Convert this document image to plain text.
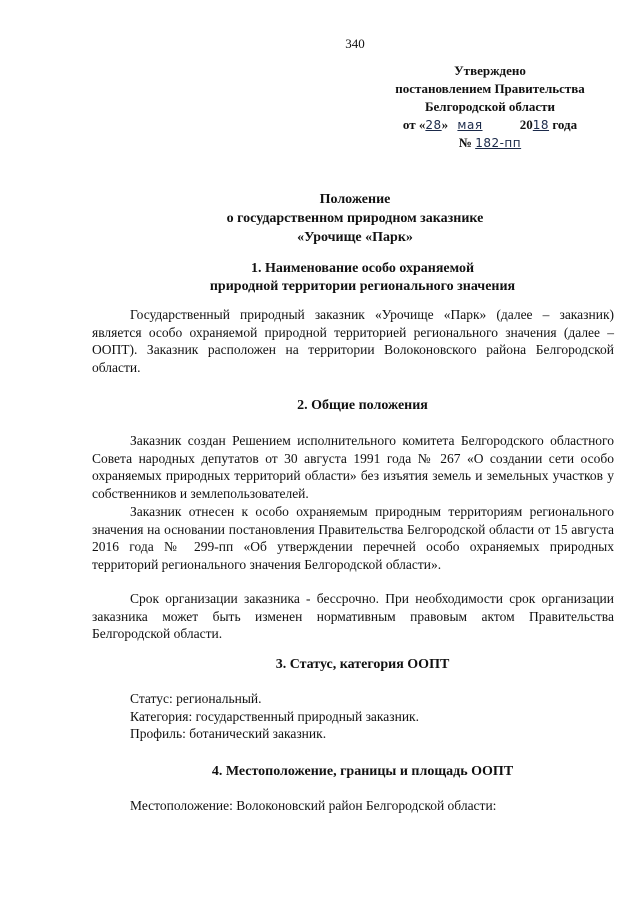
340
Утверждено
постановлением Правительства
Белгородской области
от «28» мая	2018 года
№ 182-пп
Положение
о государственном природном заказнике
«Урочище «Парк»
1. Наименование особо охраняемой
природной территории регионального значения
Государственный природный заказник «Урочище «Парк» (далее – заказник) является особо охраняемой природной территорией регионального значения (далее – ООПТ). Заказник расположен на территории Волоконовского района Белгородской области.
2. Общие положения
Заказник создан Решением исполнительного комитета Белгородского областного Совета народных депутатов от 30 августа 1991 года № 267 «О создании сети особо охраняемых природных территорий области» без изъятия земель и земельных участков у собственников и землепользователей.
Заказник отнесен к особо охраняемым природным территориям регионального значения на основании постановления Правительства Белгородской области от 15 августа 2016 года № 299-пп «Об утверждении перечней особо охраняемых природных территорий регионального значения Белгородской области».
Срок организации заказника - бессрочно. При необходимости срок организации заказника может быть изменен нормативным правовым актом Правительства Белгородской области.
3. Статус, категория ООПТ
Статус: региональный.
Категория: государственный природный заказник.
Профиль: ботанический заказник.
4. Местоположение, границы и площадь ООПТ
Местоположение: Волоконовский район Белгородской области:
